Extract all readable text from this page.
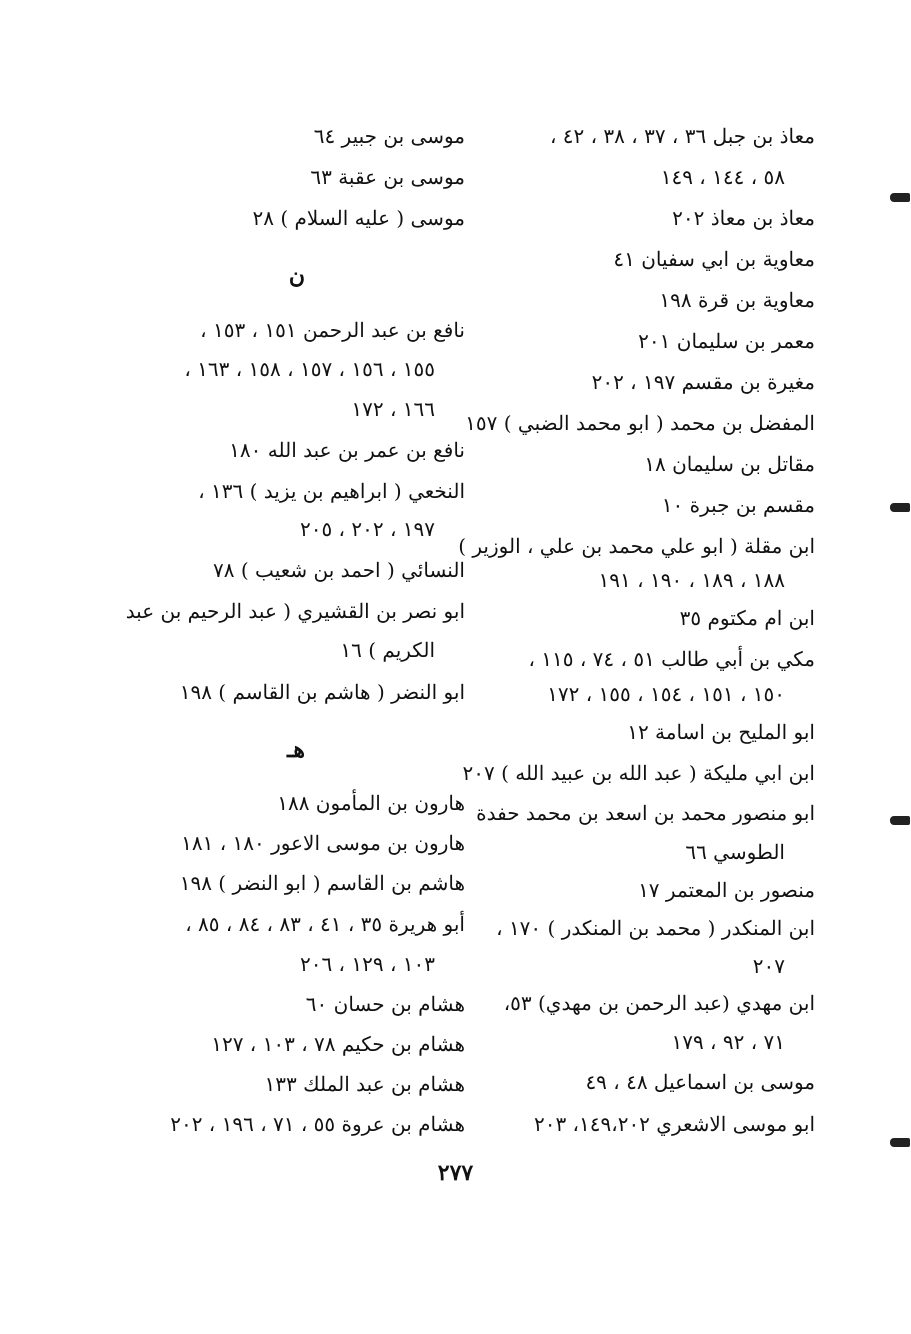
معاذ بن جبل ٣٦ ، ٣٧ ، ٣٨ ، ٤٢ ،
٥٨ ، ١٤٤ ، ١٤٩
معاذ بن معاذ ٢٠٢
معاوية بن ابي سفيان ٤١
معاوية بن قرة ١٩٨
معمر بن سليمان ٢٠١
مغيرة بن مقسم ١٩٧ ، ٢٠٢
المفضل بن محمد ( ابو محمد الضبي ) ١٥٧
مقاتل بن سليمان ١٨
مقسم بن جبرة ١٠
ابن مقلة ( ابو علي محمد بن علي ، الوزير )
١٨٨ ، ١٨٩ ، ١٩٠ ، ١٩١
ابن ام مكتوم ٣٥
مكي بن أبي طالب ٥١ ، ٧٤ ، ١١٥ ،
١٥٠ ، ١٥١ ، ١٥٤ ، ١٥٥ ، ١٧٢
ابو المليح بن اسامة ١٢
ابن ابي مليكة ( عبد الله بن عبيد الله ) ٢٠٧
ابو منصور محمد بن اسعد بن محمد حفدة
الطوسي ٦٦
منصور بن المعتمر ١٧
ابن المنكدر ( محمد بن المنكدر ) ١٧٠ ،
٢٠٧
ابن مهدي (عبد الرحمن بن مهدي) ٥٣،
٧١ ، ٩٢ ، ١٧٩
موسى بن اسماعيل ٤٨ ، ٤٩
ابو موسى الاشعري ١٤٩،٢٠٢، ٢٠٣
موسى بن جبير ٦٤
موسى بن عقبة ٦٣
موسى ( عليه السلام ) ٢٨
ن
نافع بن عبد الرحمن ١٥١ ، ١٥٣ ،
١٥٥ ، ١٥٦ ، ١٥٧ ، ١٥٨ ، ١٦٣ ،
١٦٦ ، ١٧٢
نافع بن عمر بن عبد الله ١٨٠
النخعي ( ابراهيم بن يزيد ) ١٣٦ ،
١٩٧ ، ٢٠٢ ، ٢٠٥
النسائي ( احمد بن شعيب ) ٧٨
ابو نصر بن القشيري ( عبد الرحيم بن عبد
الكريم ) ١٦
ابو النضر ( هاشم بن القاسم ) ١٩٨
هـ
هارون بن المأمون ١٨٨
هارون بن موسى الاعور ١٨٠ ، ١٨١
هاشم بن القاسم ( ابو النضر ) ١٩٨
أبو هريرة ٣٥ ، ٤١ ، ٨٣ ، ٨٤ ، ٨٥ ،
١٠٣ ، ١٢٩ ، ٢٠٦
هشام بن حسان ٦٠
هشام بن حكيم ٧٨ ، ١٠٣ ، ١٢٧
هشام بن عبد الملك ١٣٣
هشام بن عروة ٥٥ ، ٧١ ، ١٩٦ ، ٢٠٢
٢٧٧
